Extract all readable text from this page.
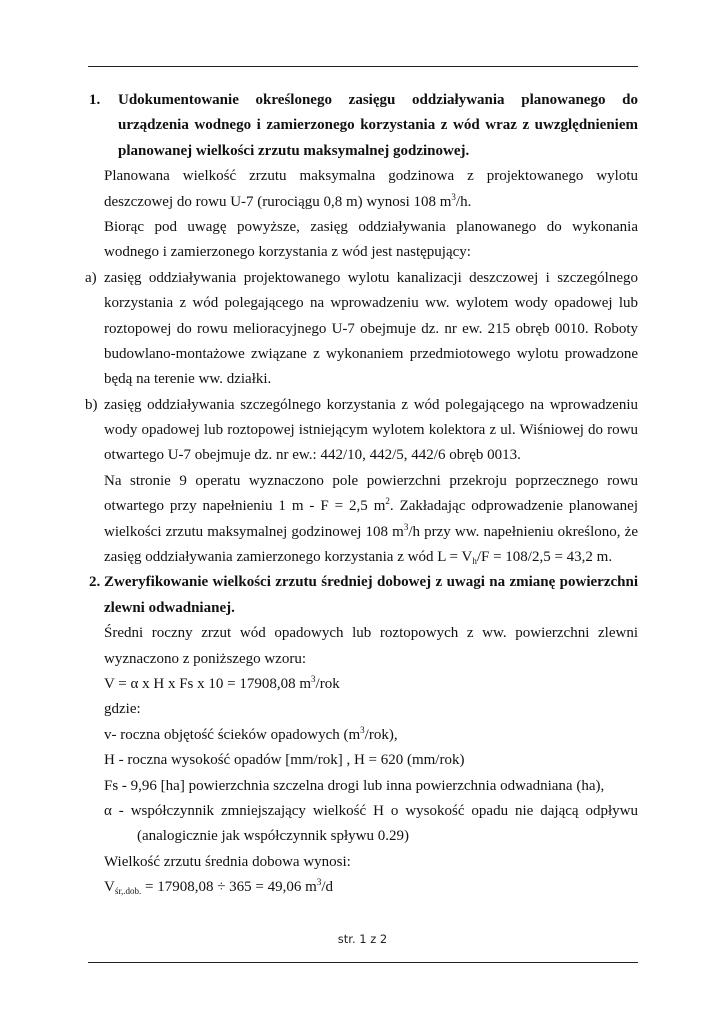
1. Udokumentowanie określonego zasięgu oddziaływania planowanego do
urządzenia wodnego i zamierzonego korzystania z wód wraz z uwzględnieniem
planowanej wielkości zrzutu maksymalnej godzinowej.
Planowana wielkość zrzutu maksymalna godzinowa z projektowanego wylotu
deszczowej do rowu U-7 (rurociągu 0,8 m) wynosi 108 $m^3/h$.
Biorąc pod uwagę powyższe, zasięg oddziaływania planowanego do wykonania
wodnego i zamierzonego korzystania z wód jest następujący:
a) zasięg oddziaływania projektowanego wylotu kanalizacji deszczowej i szczególnego
korzystania z wód polegającego na wprowadzeniu ww. wylotem wody opadowej lub
roztopowej do rowu melioracyjnego U-7 obejmuje dz. nr ew. 215 obręb 0010. Roboty
budowlano-montażowe związane z wykonaniem przedmiotowego wylotu prowadzone
będą na terenie ww. działki.
b) zasięg oddziaływania szczególnego korzystania z wód polegającego na wprowadzeniu
wody opadowej lub roztopowej istniejącym wylotem kolektora z ul. Wiśniowej do rowu
otwartego U-7 obejmuje dz. nr ew.: 442/10, 442/5, 442/6 obręb 0013.
Na stronie 9 operatu wyznaczono pole powierzchni przekroju poprzecznego rowu
otwartego przy napełnieniu 1 m - F = 2,5 $m^2$. Zakładając odprowadzenie planowanej
wielkości zrzutu maksymalnej godzinowej 108 $m^3/h$ przy ww. napełnieniu określono, że
zasięg oddziaływania zamierzonego korzystania z wód $L = V_h/F = 108/2,5 = 43,2$ m.
2. Zweryfikowanie wielkości zrzutu średniej dobowej z uwagi na zmianę powierzchni
zlewni odwadnianej.
Średni roczny zrzut wód opadowych lub roztopowych z ww. powierzchni zlewni
wyznaczono z poniższego wzoru:
V = α x H x Fs x 10 = 17908,08 $m^3$/rok
gdzie:
v- roczna objętość ścieków opadowych $(m^3/rok)$,
H - roczna wysokość opadów [mm/rok] , H = 620 (mm/rok)
Fs - 9,96 [ha] powierzchnia szczelna drogi lub inna powierzchnia odwadniana (ha),
α - współczynnik zmniejszający wielkość H o wysokość opadu nie dającą odpływu
(analogicznie jak współczynnik spływu 0.29)
Wielkość zrzutu średnia dobowa wynosi:
$V_{śr,.dob.} = 17908,08 \div 365 = 49,06$ $m^3/d$
str. 1 z 2
